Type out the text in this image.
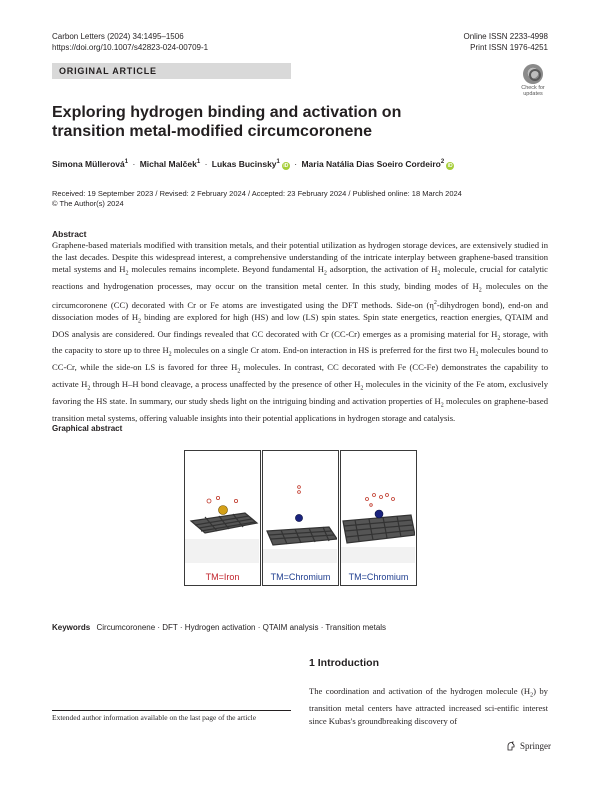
Carbon Letters (2024) 34:1495–1506
https://doi.org/10.1007/s42823-024-00709-1
Online ISSN 2233-4998
Print ISSN 1976-4251
ORIGINAL ARTICLE
Check for
updates
Exploring hydrogen binding and activation on transition metal-modified circumcoronene
Simona Müllerová$^1$ · Michal Malček$^1$ · Lukas Bucinsky$^1$iD · Maria Natália Dias Soeiro Cordeiro$^2$iD
Received: 19 September 2023 / Revised: 2 February 2024 / Accepted: 23 February 2024 / Published online: 18 March 2024
© The Author(s) 2024
Abstract
Graphene-based materials modified with transition metals, and their potential utilization as hydrogen storage devices, are extensively studied in the last decades. Despite this widespread interest, a comprehensive understanding of the intricate interplay between graphene-based transition metal systems and $H_2$ molecules remains incomplete. Beyond fundamental $H_2$ adsorption, the activation of $H_2$ molecule, crucial for catalytic reactions and hydrogenation processes, may occur on the transition metal center. In this study, binding modes of $H_2$ molecules on the circumcoronene (CC) decorated with Cr or Fe atoms are investigated using the DFT methods. Side-on ($\eta^2$-dihydrogen bond), end-on and dissociation modes of $H_2$ binding are explored for high (HS) and low (LS) spin states. Spin state energetics, reaction energies, QTAIM and DOS analysis are considered. Our findings revealed that CC decorated with Cr (CC-Cr) emerges as a promising material for $H_2$ storage, with the capacity to store up to three $H_2$ molecules on a single Cr atom. End-on interaction in HS is preferred for the first two $H_2$ molecules bound to CC-Cr, while the side-on LS is favored for three $H_2$ molecules. In contrast, CC decorated with Fe (CC-Fe) demonstrates the capability to activate $H_2$ through H–H bond cleavage, a process unaffected by the presence of other $H_2$ molecules in the vicinity of the Fe atom, exclusively favoring the HS state. In summary, our study sheds light on the intriguing binding and activation properties of $H_2$ molecules on graphene-based transition metal systems, offering valuable insights into their potential applications in hydrogen storage and catalysis.
Graphical abstract
TM=Iron	TM=Chromium	TM=Chromium
Keywords Circumcoronene · DFT · Hydrogen activation · QTAIM analysis · Transition metals
1 Introduction
The coordination and activation of the hydrogen molecule $(H_2)$ by transition metal centers have attracted increased sci-entific interest since Kubas's groundbreaking discovery of
Extended author information available on the last page of the article
Springer
